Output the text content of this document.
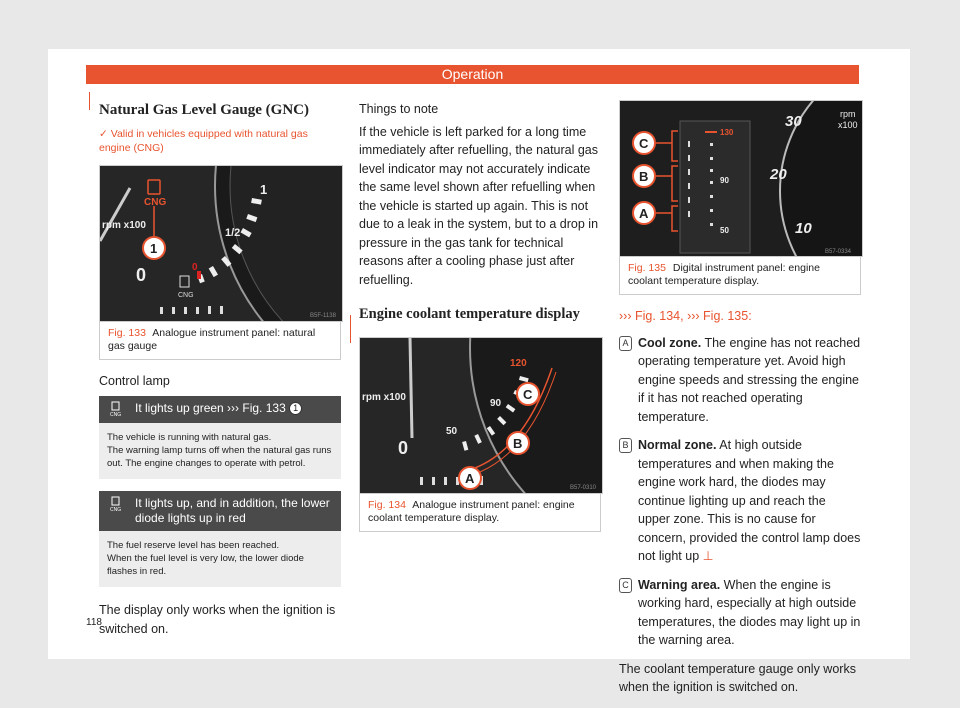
Operation
Natural Gas Level Gauge (GNC)
✓ Valid in vehicles equipped with natural gas engine (CNG)
1
1/2
0
0
rpm x100
CNG
CNG
1
B5F-1138
Fig. 133 Analogue instrument panel: natural gas gauge
Control lamp
CNG It lights up green ››› Fig. 133 1
The vehicle is running with natural gas.
The warning lamp turns off when the natural gas runs out. The engine changes to operate with petrol.
CNG It lights up, and in addition, the lower diode lights up in red
The fuel reserve level has been reached.
When the fuel level is very low, the lower diode flashes in red.
The display only works when the ignition is switched on.
Things to note
If the vehicle is left parked for a long time immediately after refuelling, the natural gas level indicator may not accurately indicate the same level shown after refuelling when the vehicle is started up again. This is not due to a leak in the system, but to a drop in pressure in the gas tank for technical reasons after a cooling phase just after refuelling.
Engine coolant temperature display
120
90
50
0
rpm x100	C
B
A
B57-0310
Fig. 134 Analogue instrument panel: engine coolant temperature display.
130
90
50
30
20
10
rpm
x100
C
B
A
B57-0334
Fig. 135 Digital instrument panel: engine coolant temperature display.
››› Fig. 134, ››› Fig. 135:
A Cool zone. The engine has not reached operating temperature yet. Avoid high engine speeds and stressing the engine if it has not reached operating temperature.
B Normal zone. At high outside temperatures and when making the engine work hard, the diodes may continue lighting up and reach the upper zone. This is no cause for concern, provided the control lamp does not light up ⊥
C Warning area. When the engine is working hard, especially at high outside temperatures, the diodes may light up in the warning area.
The coolant temperature gauge only works when the ignition is switched on.
118
